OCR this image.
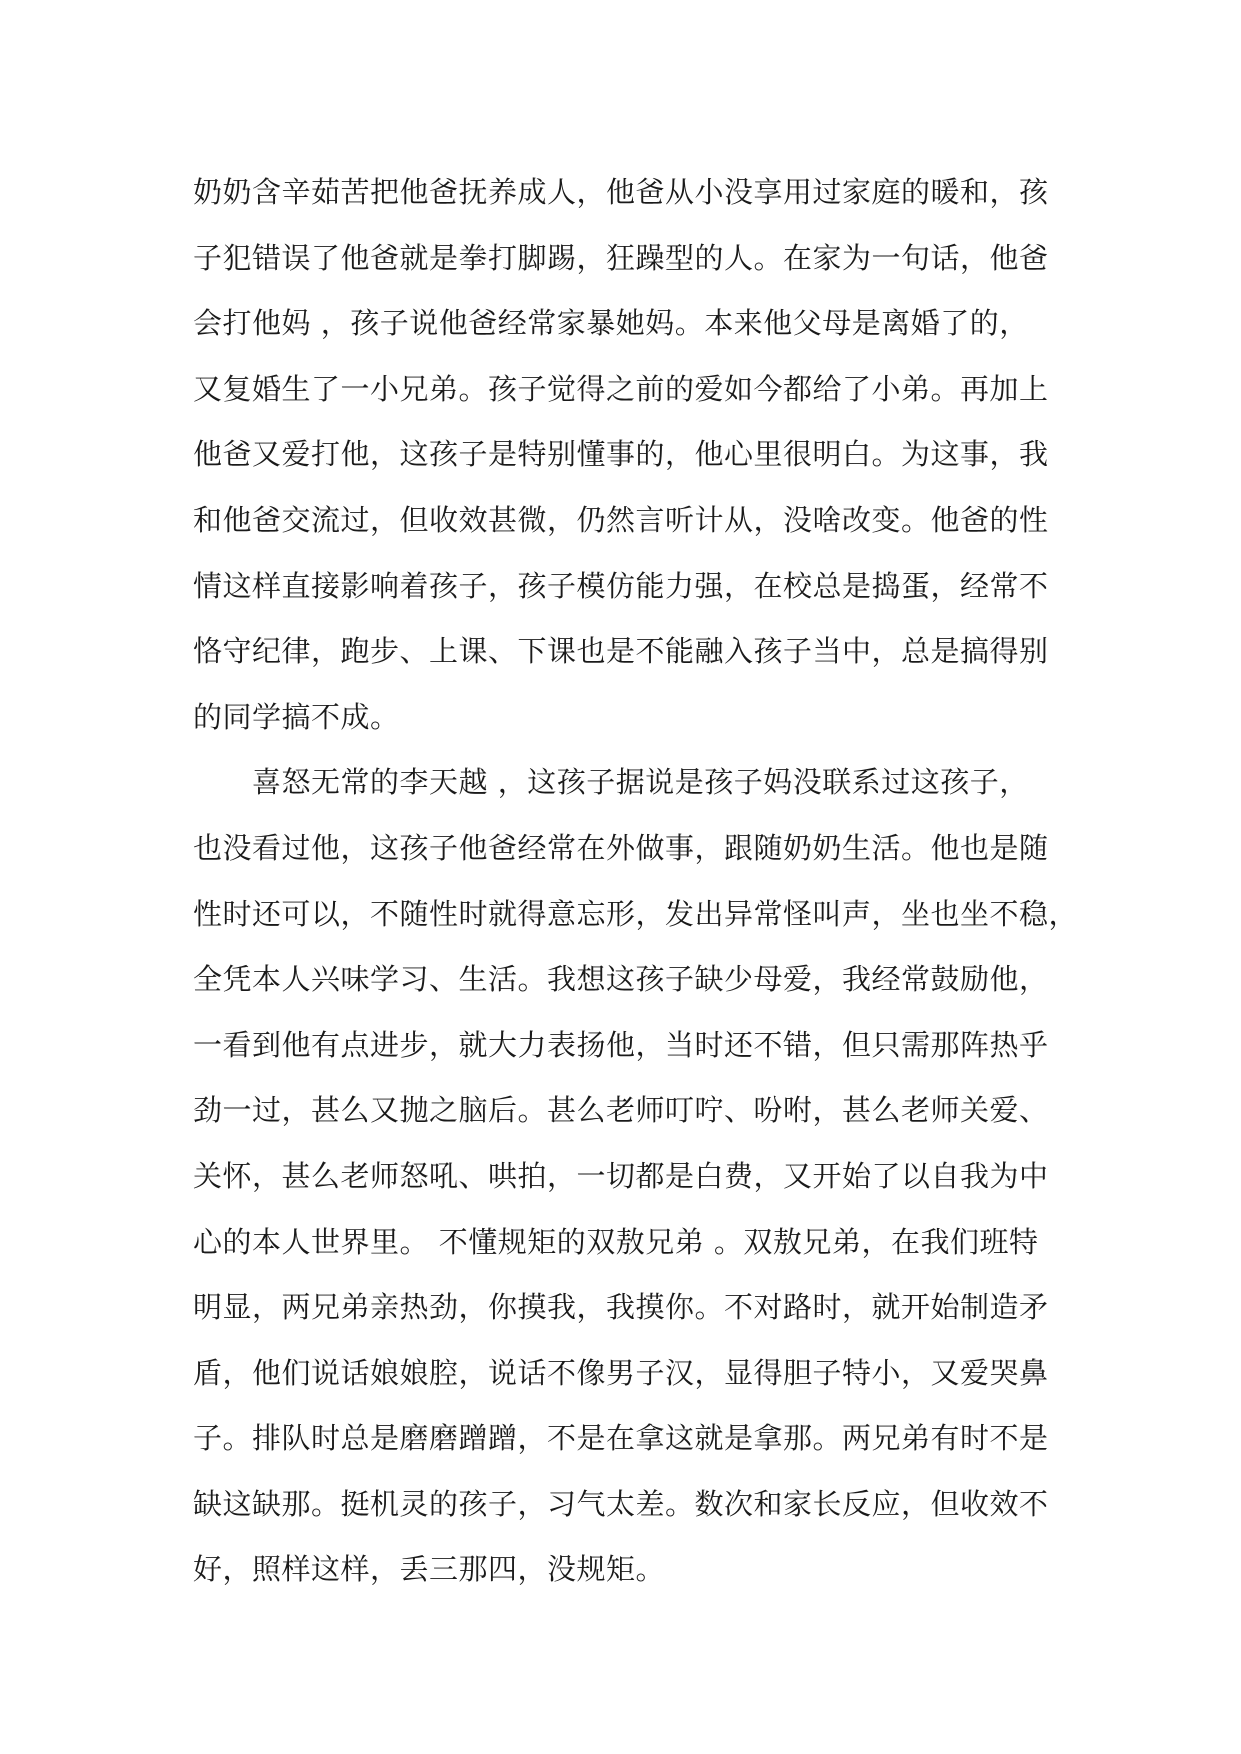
奶奶含辛茹苦把他爸抚养成人，他爸从小没享用过家庭的暖和，孩
子犯错误了他爸就是拳打脚踢，狂躁型的人。在家为一句话，他爸
会打他妈 ，孩子说他爸经常家暴她妈。本来他父母是离婚了的，
又复婚生了一小兄弟。孩子觉得之前的爱如今都给了小弟。再加上
他爸又爱打他，这孩子是特别懂事的，他心里很明白。为这事，我
和他爸交流过，但收效甚微，仍然言听计从，没啥改变。他爸的性
情这样直接影响着孩子，孩子模仿能力强，在校总是捣蛋，经常不
恪守纪律，跑步、上课、下课也是不能融入孩子当中，总是搞得别
的同学搞不成。
　　喜怒无常的李天越 ，这孩子据说是孩子妈没联系过这孩子，
也没看过他，这孩子他爸经常在外做事，跟随奶奶生活。他也是随
性时还可以，不随性时就得意忘形，发出异常怪叫声，坐也坐不稳，
全凭本人兴味学习、生活。我想这孩子缺少母爱，我经常鼓励他，
一看到他有点进步，就大力表扬他，当时还不错，但只需那阵热乎
劲一过，甚么又抛之脑后。甚么老师叮咛、吩咐，甚么老师关爱、
关怀，甚么老师怒吼、哄拍，一切都是白费，又开始了以自我为中
心的本人世界里。 不懂规矩的双敖兄弟 。双敖兄弟，在我们班特
明显，两兄弟亲热劲，你摸我，我摸你。不对路时，就开始制造矛
盾，他们说话娘娘腔，说话不像男子汉，显得胆子特小，又爱哭鼻
子。排队时总是磨磨蹭蹭，不是在拿这就是拿那。两兄弟有时不是
缺这缺那。挺机灵的孩子，习气太差。数次和家长反应，但收效不
好，照样这样，丢三那四，没规矩。
